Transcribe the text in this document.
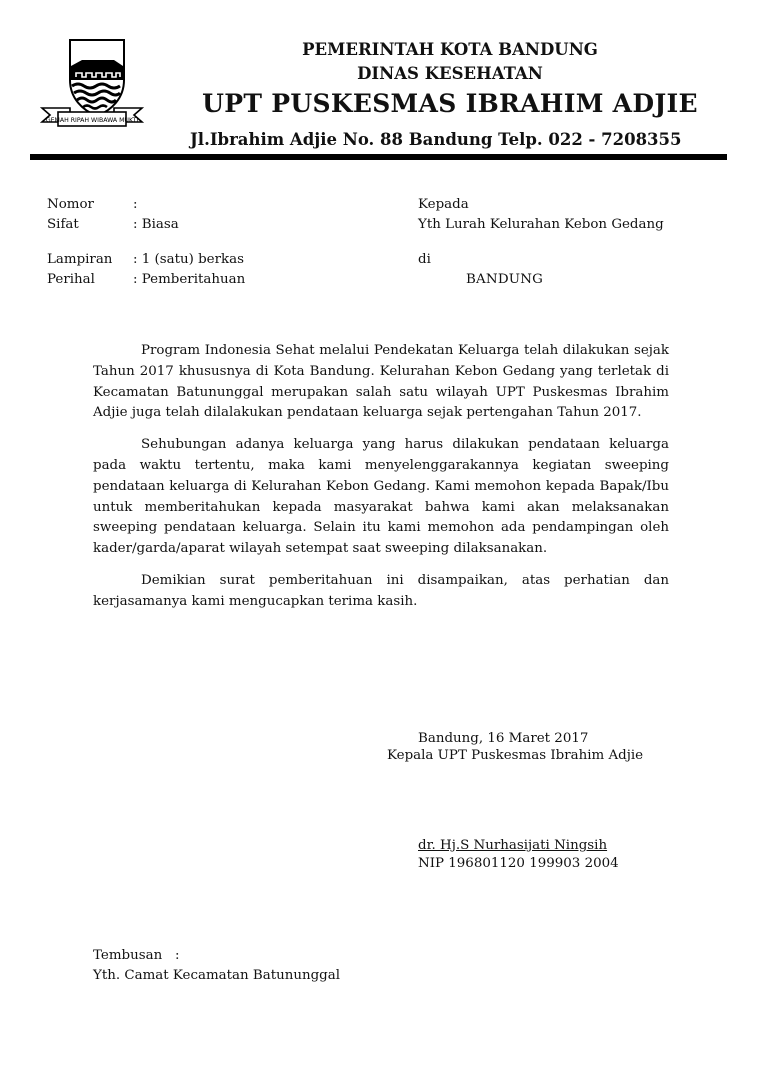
GEMAH RIPAH WIBAWA MUKTI
PEMERINTAH KOTA BANDUNG
DINAS KESEHATAN
UPT PUSKESMAS IBRAHIM ADJIE
Jl.Ibrahim Adjie No. 88 Bandung Telp. 022 - 7208355
Nomor	:
Sifat	: Biasa
Lampiran	: 1 (satu) berkas
Perihal	: Pemberitahuan
Kepada
Yth Lurah Kelurahan Kebon Gedang
di
BANDUNG

Program Indonesia Sehat melalui Pendekatan Keluarga telah dilakukan sejak Tahun 2017 khususnya di Kota Bandung. Kelurahan Kebon Gedang yang terletak di Kecamatan Batununggal merupakan salah satu wilayah UPT Puskesmas Ibrahim Adjie juga telah dilalakukan pendataan keluarga sejak pertengahan Tahun 2017.

Sehubungan adanya keluarga yang harus dilakukan pendataan keluarga pada waktu tertentu, maka kami menyelenggarakannya kegiatan sweeping pendataan keluarga di Kelurahan Kebon Gedang. Kami memohon kepada Bapak/Ibu untuk memberitahukan kepada masyarakat bahwa kami akan melaksanakan sweeping pendataan keluarga. Selain itu kami memohon ada pendampingan oleh kader/garda/aparat wilayah setempat saat sweeping dilaksanakan.

Demikian surat pemberitahuan ini disampaikan, atas perhatian dan kerjasamanya kami mengucapkan terima kasih.

Bandung, 16 Maret 2017
Kepala UPT Puskesmas Ibrahim Adjie
dr. Hj.S Nurhasijati Ningsih
NIP 196801120 199903 2004
Tembusan   :
Yth. Camat Kecamatan Batununggal
